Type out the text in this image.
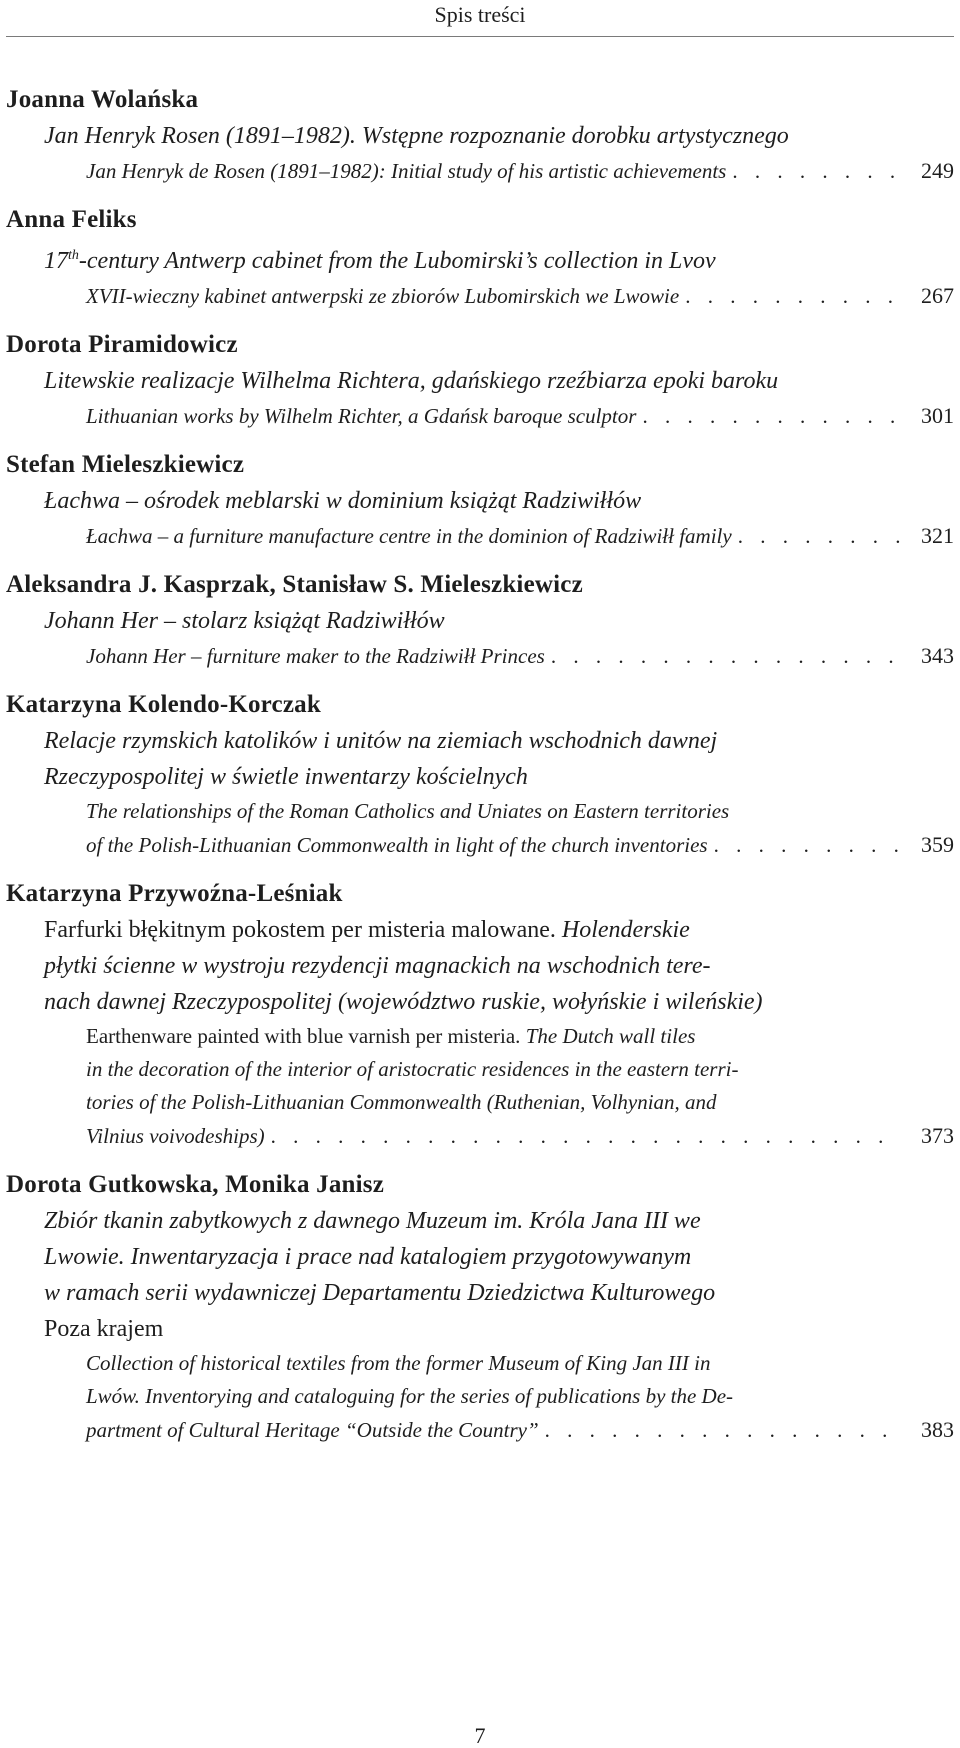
Spis treści
Joanna Wolańska
Jan Henryk Rosen (1891–1982). Wstępne rozpoznanie dorobku artystycznego
Jan Henryk de Rosen (1891–1982): Initial study of his artistic achievements . . .	249
Anna Feliks
17th-century Antwerp cabinet from the Lubomirski’s collection in Lvov
XVII-wieczny kabinet antwerpski ze zbiorów Lubomirskich we Lwowie . . .	267
Dorota Piramidowicz
Litewskie realizacje Wilhelma Richtera, gdańskiego rzeźbiarza epoki baroku
Lithuanian works by Wilhelm Richter, a Gdańsk baroque sculptor . . .	301
Stefan Mieleszkiewicz
Łachwa – ośrodek meblarski w dominium książąt Radziwiłłów
Łachwa – a furniture manufacture centre in the dominion of Radziwiłł family . . .	321
Aleksandra J. Kasprzak, Stanisław S. Mieleszkiewicz
Johann Her – stolarz książąt Radziwiłłów
Johann Her – furniture maker to the Radziwiłł Princes . . .	343
Katarzyna Kolendo-Korczak
Relacje rzymskich katolików i unitów na ziemiach wschodnich dawnej
Rzeczypospolitej w świetle inwentarzy kościelnych
The relationships of the Roman Catholics and Uniates on Eastern territories
of the Polish-Lithuanian Commonwealth in light of the church inventories . . .	359
Katarzyna Przywoźna-Leśniak
Farfurki błękitnym pokostem per misteria malowane. Holenderskie
płytki ścienne w wystroju rezydencji magnackich na wschodnich tere-
nach dawnej Rzeczypospolitej (województwo ruskie, wołyńskie i wileńskie)
Earthenware painted with blue varnish per misteria. The Dutch wall tiles
in the decoration of the interior of aristocratic residences in the eastern terri-
tories of the Polish-Lithuanian Commonwealth (Ruthenian, Volhynian, and
Vilnius voivodeships) . . .	373
Dorota Gutkowska, Monika Janisz
Zbiór tkanin zabytkowych z dawnego Muzeum im. Króla Jana III we
Lwowie. Inwentaryzacja i prace nad katalogiem przygotowywanym
w ramach serii wydawniczej Departamentu Dziedzictwa Kulturowego
Poza krajem
Collection of historical textiles from the former Museum of King Jan III in
Lwów. Inventorying and cataloguing for the series of publications by the De-
partment of Cultural Heritage “Outside the Country” . . .	383
7
